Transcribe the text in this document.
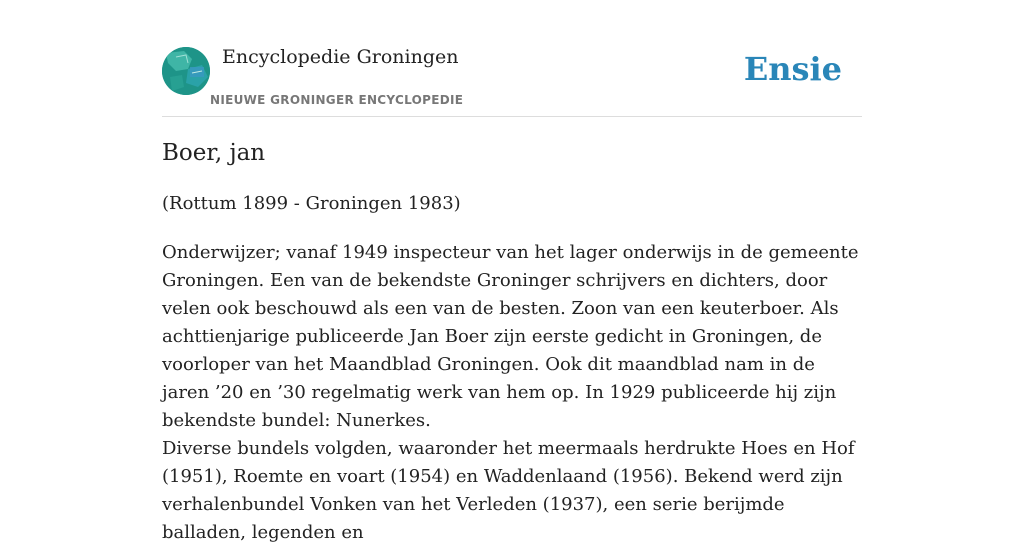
Encyclopedie Groningen
NIEUWE GRONINGER ENCYCLOPEDIE
Ensie
Boer, jan
(Rottum 1899 - Groningen 1983)
Onderwijzer; vanaf 1949 inspecteur van het lager onderwijs in de gemeente Groningen. Een van de bekendste Groninger schrijvers en dichters, door velen ook beschouwd als een van de besten. Zoon van een keuterboer. Als achttienjarige publiceerde Jan Boer zijn eerste gedicht in Groningen, de voorloper van het Maandblad Groningen. Ook dit maandblad nam in de jaren ’20 en ’30 regelmatig werk van hem op. In 1929 publiceerde hij zijn bekendste bundel: Nunerkes.
Diverse bundels volgden, waaronder het meermaals herdrukte Hoes en Hof (1951), Roemte en voart (1954) en Waddenlaand (1956). Bekend werd zijn verhalenbundel Vonken van het Verleden (1937), een serie berijmde balladen, legenden en
